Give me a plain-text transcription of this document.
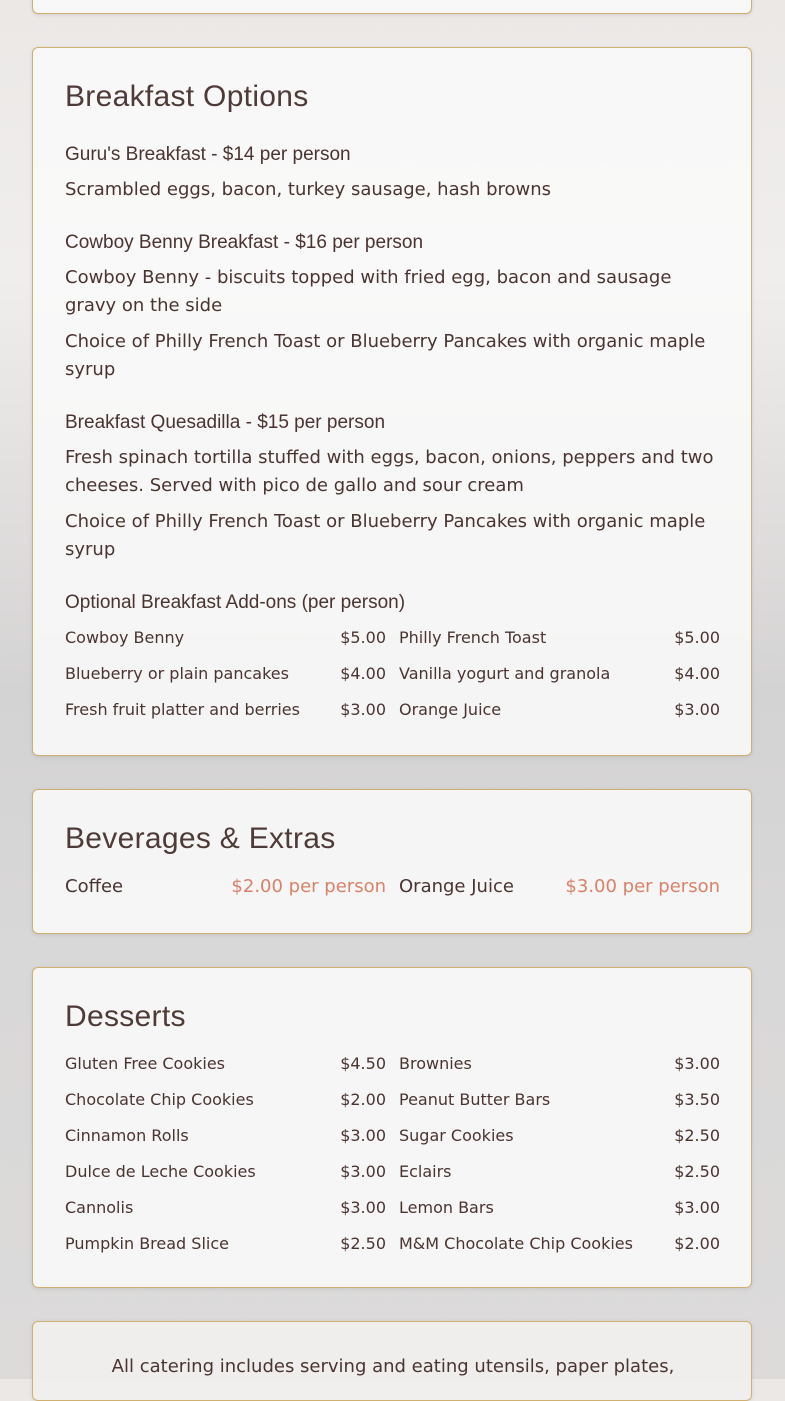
Breakfast Options
Guru's Breakfast - $14 per person
Scrambled eggs, bacon, turkey sausage, hash browns
Cowboy Benny Breakfast - $16 per person
Cowboy Benny - biscuits topped with fried egg, bacon and sausage gravy on the side
Choice of Philly French Toast or Blueberry Pancakes with organic maple syrup
Breakfast Quesadilla - $15 per person
Fresh spinach tortilla stuffed with eggs, bacon, onions, peppers and two cheeses. Served with pico de gallo and sour cream
Choice of Philly French Toast or Blueberry Pancakes with organic maple syrup
Optional Breakfast Add-ons (per person)
Cowboy Benny	$5.00 Philly French Toast	$5.00
Blueberry or plain pancakes	$4.00 Vanilla yogurt and granola	$4.00
Fresh fruit platter and berries	$3.00 Orange Juice	$3.00
Beverages & Extras
Coffee	$2.00 per person Orange Juice	$3.00 per person
Desserts
Gluten Free Cookies	$4.50 Brownies	$3.00
Chocolate Chip Cookies	$2.00 Peanut Butter Bars	$3.50
Cinnamon Rolls	$3.00 Sugar Cookies	$2.50
Dulce de Leche Cookies	$3.00 Eclairs	$2.50
Cannolis	$3.00 Lemon Bars	$3.00
Pumpkin Bread Slice	$2.50 M&M Chocolate Chip Cookies	$2.00
All catering includes serving and eating utensils, paper plates,
